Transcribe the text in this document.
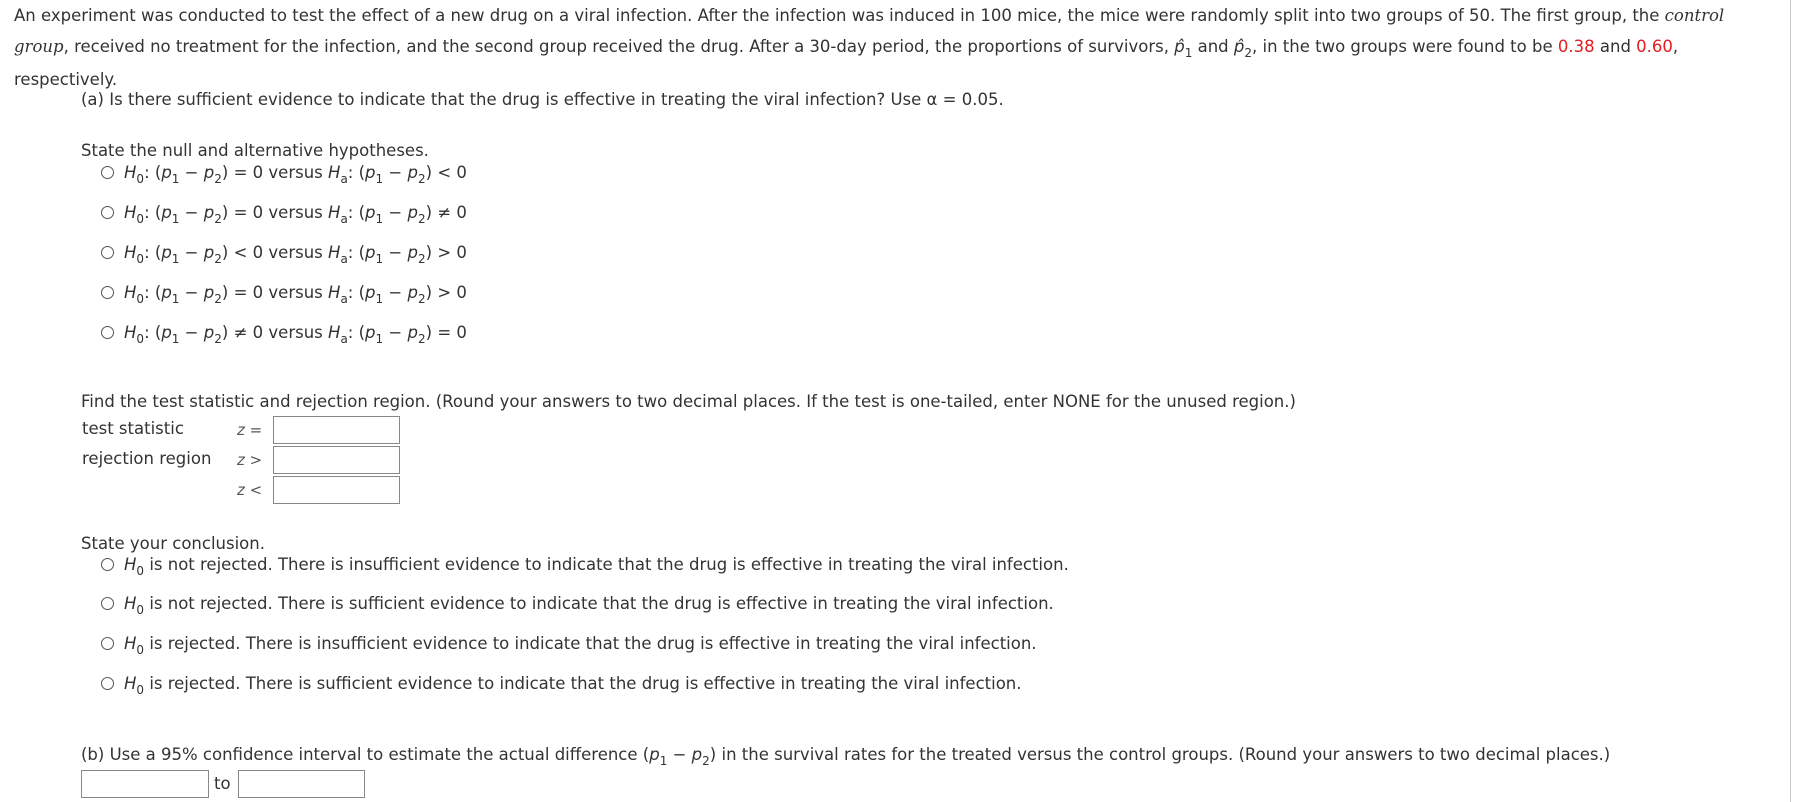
An experiment was conducted to test the effect of a new drug on a viral infection. After the infection was induced in 100 mice, the mice were randomly split into two groups of 50. The first group, the control
group, received no treatment for the infection, and the second group received the drug. After a 30-day period, the proportions of survivors, $p̂_1$ and $p̂_2$, in the two groups were found to be 0.38 and 0.60,
respectively.
(a) Is there sufficient evidence to indicate that the drug is effective in treating the viral infection? Use α = 0.05.
State the null and alternative hypotheses.
$H_0$: $(p_1 - p_2) = 0$ versus $H_a$: $(p_1 - p_2) < 0$
$H_0$: $(p_1 - p_2) = 0$ versus $H_a$: $(p_1 - p_2) \ne 0$
$H_0$: $(p_1 - p_2) < 0$ versus $H_a$: $(p_1 - p_2) > 0$
$H_0$: $(p_1 - p_2) = 0$ versus $H_a$: $(p_1 - p_2) > 0$
$H_0$: $(p_1 - p_2) \ne 0$ versus $H_a$: $(p_1 - p_2) = 0$
Find the test statistic and rejection region. (Round your answers to two decimal places. If the test is one-tailed, enter NONE for the unused region.)
test statistic	z =
rejection region z >
z <
State your conclusion.
$H_0$
is not rejected. There is insufficient evidence to indicate that the drug is effective in treating the viral infection.
$H_0$
is not rejected. There is sufficient evidence to indicate that the drug is effective in treating the viral infection.
$H_0$
is rejected. There is insufficient evidence to indicate that the drug is effective in treating the viral infection.
$H_0$
is rejected. There is sufficient evidence to indicate that the drug is effective in treating the viral infection.
(b) Use a 95% confidence interval to estimate the actual difference $(p_1 - p_2)$ in the survival rates for the treated versus the control groups. (Round your answers to two decimal places.)
to
